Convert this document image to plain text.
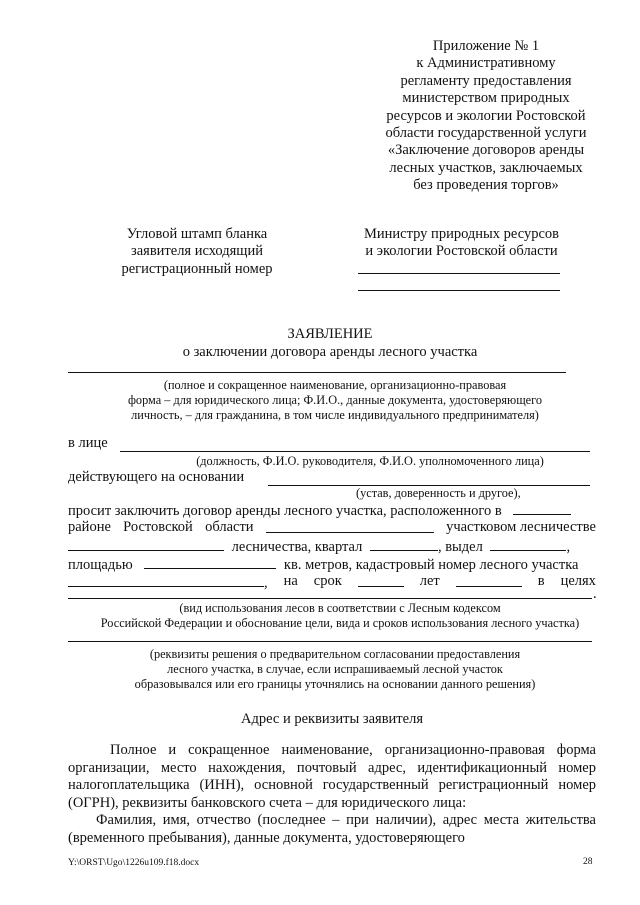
Приложение № 1
к Административному
регламенту предоставления
министерством природных
ресурсов и экологии Ростовской
области государственной услуги
«Заключение договоров аренды
лесных участков, заключаемых
без проведения торгов»
Угловой штамп бланка
заявителя исходящий
регистрационный номер
Министру природных ресурсов
и экологии Ростовской области
ЗАЯВЛЕНИЕ
о заключении договора аренды лесного участка
(полное и сокращенное наименование, организационно-правовая
форма – для юридического лица; Ф.И.О., данные документа, удостоверяющего
личность, – для гражданина, в том числе индивидуального предпринимателя)
в лице
(должность, Ф.И.О. руководителя, Ф.И.О. уполномоченного лица)
действующего на основании
(устав, доверенность и другое),
просит заключить договор аренды лесного участка, расположенного в
районе Ростовской области	участковом лесничестве
лесничества, квартал	, выдел	,
площадью	кв. метров, кадастровый номер лесного участка
, на срок	лет	в целях
.
(вид использования лесов в соответствии с Лесным кодексом
Российской Федерации и обоснование цели, вида и сроков использования лесного участка)
(реквизиты решения о предварительном согласовании предоставления
лесного участка, в случае, если испрашиваемый лесной участок
образовывался или его границы уточнялись на основании данного решения)
Адрес и реквизиты заявителя
Полное и сокращенное наименование, организационно-правовая форма организации, место нахождения, почтовый адрес, идентификационный номер налогоплательщика (ИНН), основной государственный регистрационный номер (ОГРН), реквизиты банковского счета – для юридического лица:
Фамилия, имя, отчество (последнее – при наличии), адрес места жительства (временного пребывания), данные документа, удостоверяющего
Y:\ORST\Ugo\1226u109.f18.docx	28
